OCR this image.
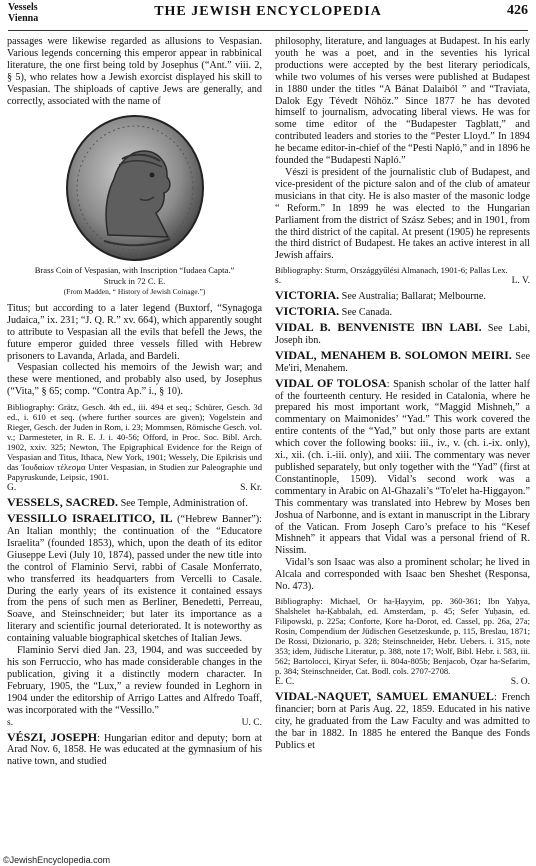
Vessels
Vienna	THE JEWISH ENCYCLOPEDIA	426

passages were likewise regarded as allusions to Vespasian. Various legends concerning this emperor appear in rabbinical literature, the one first being told by Josephus (“Ant.” viii. 2, § 5), who relates how a Jewish exorcist displayed his skill to Vespasian. The shiploads of captive Jews are generally, and correctly, associated with the name of

Brass Coin of Vespasian, with Inscription “Iudaea Capta.”
Struck in 72 C. E.
(From Madden, “ History of Jewish Coinage.”)

Titus; but according to a later legend (Buxtorf, “Synagoga Judaica,” ix. 231; “J. Q. R.” xv. 664), which apparently sought to attribute to Vespasian all the evils that befell the Jews, the future emperor guided three vessels filled with Hebrew prisoners to Lavanda, Arlada, and Bardeli.

Vespasian collected his memoirs of the Jewish war; and these were mentioned, and probably also used, by Josephus (“Vita,” § 65; comp. “Contra Ap.” i., § 10).

Bibliography: Grätz, Gesch. 4th ed., iii. 494 et seq.; Schürer, Gesch. 3d ed., i. 610 et seq. (where further sources are given); Vogelstein and Rieger, Gesch. der Juden in Rom, i. 23; Mommsen, Römische Gesch. vol. v.; Darmesteter, in R. E. J. i. 40-56; Offord, in Proc. Soc. Bibl. Arch. 1902, xxiv. 325; Newton, The Epigraphical Evidence for the Reign of Vespasian and Titus, Ithaca, New York, 1901; Wessely, Die Epikrisis und das Ἰουδαίων τέλεσμα Unter Vespasian, in Studien zur Paleographie und Papyruskunde, Leipsic, 1901.

G.	S. Kr.

VESSELS, SACRED. See Temple, Administration of.

VESSILLO ISRAELITICO, IL (“Hebrew Banner”): An Italian monthly; the continuation of the “Educatore Israelita” (founded 1853), which, upon the death of its editor Giuseppe Levi (July 10, 1874), passed under the new title into the control of Flaminio Servi, rabbi of Casale Monferrato, who transferred its headquarters from Vercelli to Casale. During the early years of its existence it contained essays from the pens of such men as Berliner, Benedetti, Perreau, Soave, and Steinschneider; but later its importance as a literary and scientific journal deteriorated. It is noteworthy as containing valuable biographical sketches of Italian Jews.

Flaminio Servi died Jan. 23, 1904, and was succeeded by his son Ferruccio, who has made considerable changes in the publication, giving it a distinctly modern character. In February, 1905, the “Lux,” a review founded in Leghorn in 1904 under the editorship of Arrigo Lattes and Alfredo Toaff, was incorporated with the “Vessillo.”

s.	U. C.

VÉSZI, JOSEPH: Hungarian editor and deputy; born at Arad Nov. 6, 1858. He was educated at the gymnasium of his native town, and studied

philosophy, literature, and languages at Budapest. In his early youth he was a poet, and in the seventies his lyrical productions were accepted by the best literary periodicals, while two volumes of his verses were published at Budapest in 1880 under the titles “A Bánat Dalaiból ” and “Traviata, Dalok Egy Tévedt Nöhöz.” Since 1877 he has devoted himself to journalism, advocating liberal views. He was for some time editor of the “Budapester Tagblatt,” and contributed leaders and stories to the “Pester Lloyd.” In 1894 he became editor-in-chief of the “Pesti Napló,” and in 1896 he founded the “Budapesti Napló.”

Vészi is president of the journalistic club of Budapest, and vice-president of the picture salon and of the club of amateur musicians in that city. He is also master of the masonic lodge “ Reform.” In 1899 he was elected to the Hungarian Parliament from the district of Szász Sebes; and in 1901, from the third district of the capital. At present (1905) he represents the third district of Budapest. He takes an active interest in all Jewish affairs.

Bibliography: Sturm, Országgyűlési Almanach, 1901-6; Pallas Lex.

s.	L. V.

VICTORIA. See Australia; Ballarat; Melbourne.

VICTORIA. See Canada.

VIDAL B. BENVENISTE IBN LABI. See Labi, Joseph ibn.

VIDAL, MENAHEM B. SOLOMON MEIRI. See Me'iri, Menahem.

VIDAL OF TOLOSA: Spanish scholar of the latter half of the fourteenth century. He resided in Catalonia, where he prepared his most important work, “Maggid Mishneh,” a commentary on Maimonides’ “Yad.” This work covered the entire contents of the “Yad,” but only those parts are extant which cover the following books: iii., iv., v. (ch. i.-ix. only), xi., xii. (ch. i.-iii. only), and xiii. The commentary was never published separately, but only together with the “Yad” (first at Constantinople, 1509). Vidal’s second work was a commentary in Arabic on Al-Ghazali’s “To'elet ha-Higgayon.” This commentary was translated into Hebrew by Moses ben Joshua of Narbonne, and is extant in manuscript in the Library of the Vatican. From Joseph Caro’s preface to his “Kesef Mishneh” it appears that Vidal was a personal friend of R. Nissim.

Vidal’s son Isaac was also a prominent scholar; he lived in Alcala and corresponded with Isaac ben Sheshet (Responsa, No. 473).

Bibliography: Michael, Or ha-Ḥayyim, pp. 360-361; Ibn Yaḥya, Shalshelet ha-Ḳabbalah, ed. Amsterdam, p. 45; Sefer Yuḥasin, ed. Filipowski, p. 225a; Conforte, Ḳore ha-Dorot, ed. Cassel, pp. 26a, 27a; Rosin, Compendium der Jüdischen Gesetzeskunde, p. 115, Breslau, 1871; De Rossi, Dizionario, p. 328; Steinschneider, Hebr. Uebers. i. 315, note 353; idem, Jüdische Literatur, p. 388, note 17; Wolf, Bibl. Hebr. i. 583, iii. 562; Bartolocci, Ḳiryat Sefer, ii. 804a-805b; Benjacob, Oẓar ha-Sefarim, p. 384; Steinschneider, Cat. Bodl. cols. 2707-2708.

E. C.	S. O.

VIDAL-NAQUET, SAMUEL EMANUEL: French financier; born at Paris Aug. 22, 1859. Educated in his native city, he graduated from the Law Faculty and was admitted to the bar in 1882. In 1885 he entered the Banque des Fonds Publics et

©JewishEncyclopedia.com
